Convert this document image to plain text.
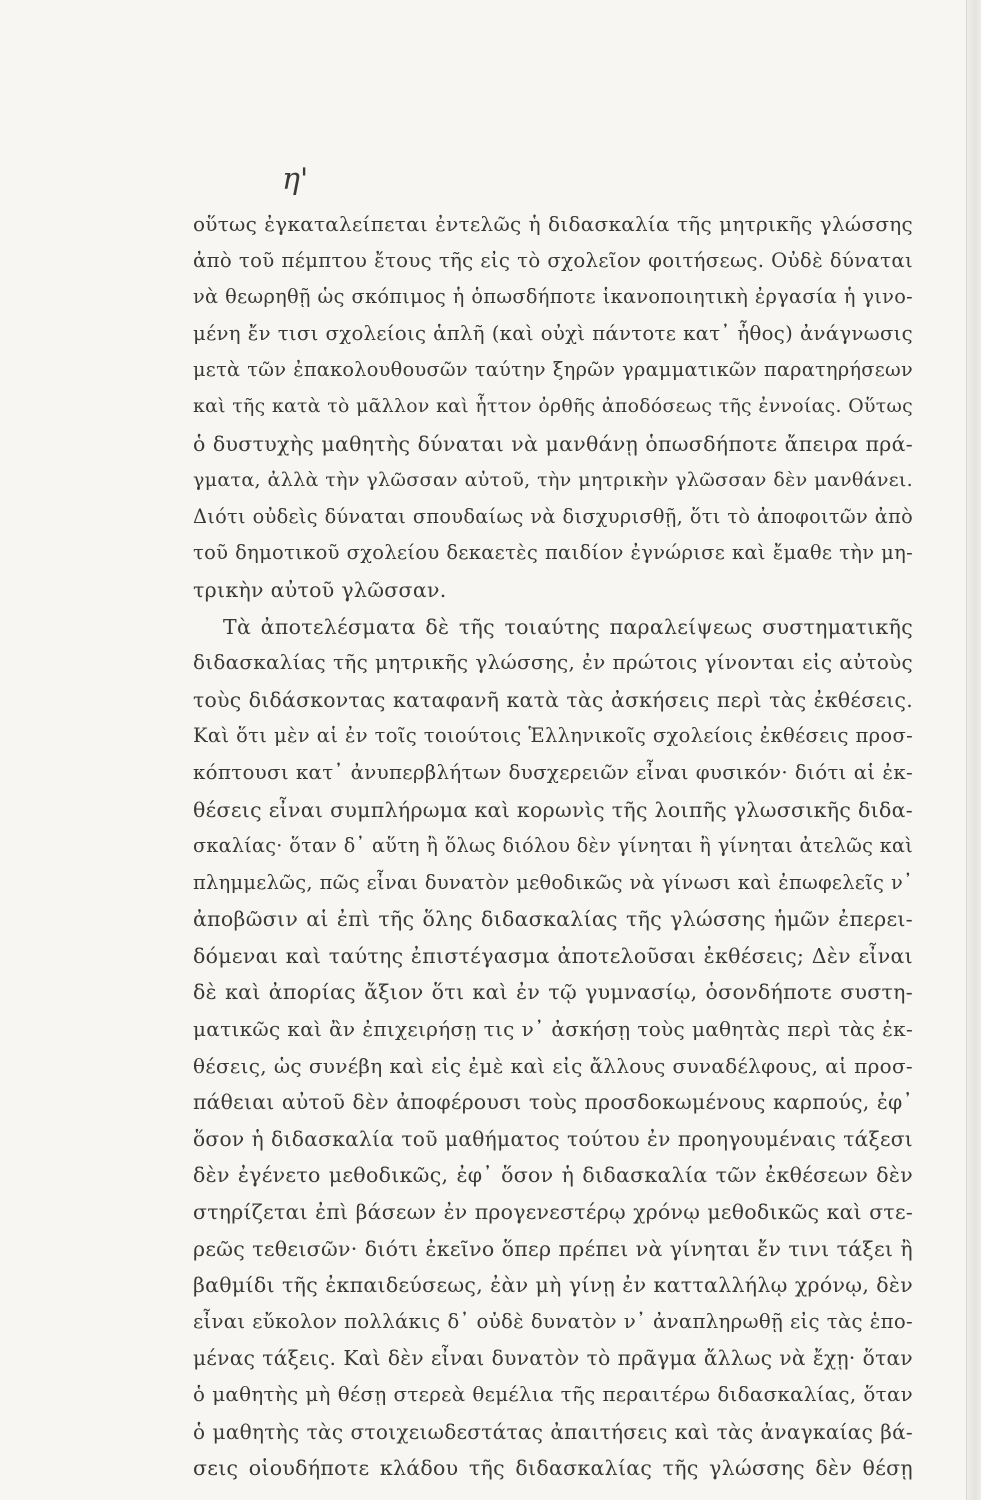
η'
οὕτως ἐγκαταλείπεται ἐντελῶς ἡ διδασκαλία τῆς μητρικῆς γλώσσης
ἀπὸ τοῦ πέμπτου ἔτους τῆς εἰς τὸ σχολεῖον φοιτήσεως. Οὐδὲ δύναται
νὰ θεωρηθῇ ὡς σκόπιμος ἡ ὁπωσδήποτε ἱκανοποιητικὴ ἐργασία ἡ γινο-
μένη ἔν τισι σχολείοις ἁπλῆ (καὶ οὐχὶ πάντοτε κατ᾽ ἦθος) ἀνάγνωσις
μετὰ τῶν ἐπακολουθουσῶν ταύτην ξηρῶν γραμματικῶν παρατηρήσεων
καὶ τῆς κατὰ τὸ μᾶλλον καὶ ἧττον ὀρθῆς ἀποδόσεως τῆς ἐννοίας. Οὕτως
ὁ δυστυχὴς μαθητὴς δύναται νὰ μανθάνῃ ὁπωσδήποτε ἄπειρα πρά-
γματα, ἀλλὰ τὴν γλῶσσαν αὐτοῦ, τὴν μητρικὴν γλῶσσαν δὲν μανθάνει.
Διότι οὐδεὶς δύναται σπουδαίως νὰ δισχυρισθῇ, ὅτι τὸ ἀποφοιτῶν ἀπὸ
τοῦ δημοτικοῦ σχολείου δεκαετὲς παιδίον ἐγνώρισε καὶ ἔμαθε τὴν μη-
τρικὴν αὐτοῦ γλῶσσαν.
Τὰ ἀποτελέσματα δὲ τῆς τοιαύτης παραλείψεως συστηματικῆς
διδασκαλίας τῆς μητρικῆς γλώσσης, ἐν πρώτοις γίνονται εἰς αὐτοὺς
τοὺς διδάσκοντας καταφανῆ κατὰ τὰς ἀσκήσεις περὶ τὰς ἐκθέσεις.
Καὶ ὅτι μὲν αἱ ἐν τοῖς τοιούτοις Ἑλληνικοῖς σχολείοις ἐκθέσεις προσ-
κόπτουσι κατ᾽ ἀνυπερβλήτων δυσχερειῶν εἶναι φυσικόν· διότι αἱ ἐκ-
θέσεις εἶναι συμπλήρωμα καὶ κορωνὶς τῆς λοιπῆς γλωσσικῆς διδα-
σκαλίας· ὅταν δ᾽ αὕτη ἢ ὅλως διόλου δὲν γίνηται ἢ γίνηται ἀτελῶς καὶ
πλημμελῶς, πῶς εἶναι δυνατὸν μεθοδικῶς νὰ γίνωσι καὶ ἐπωφελεῖς ν᾽
ἀποβῶσιν αἱ ἐπὶ τῆς ὅλης διδασκαλίας τῆς γλώσσης ἡμῶν ἐπερει-
δόμεναι καὶ ταύτης ἐπιστέγασμα ἀποτελοῦσαι ἐκθέσεις; Δὲν εἶναι
δὲ καὶ ἀπορίας ἄξιον ὅτι καὶ ἐν τῷ γυμνασίῳ, ὁσονδήποτε συστη-
ματικῶς καὶ ἂν ἐπιχειρήσῃ τις ν᾽ ἀσκήσῃ τοὺς μαθητὰς περὶ τὰς ἐκ-
θέσεις, ὡς συνέβη καὶ εἰς ἐμὲ καὶ εἰς ἄλλους συναδέλφους, αἱ προσ-
πάθειαι αὐτοῦ δὲν ἀποφέρουσι τοὺς προσδοκωμένους καρπούς, ἐφ᾽
ὅσον ἡ διδασκαλία τοῦ μαθήματος τούτου ἐν προηγουμέναις τάξεσι
δὲν ἐγένετο μεθοδικῶς, ἐφ᾽ ὅσον ἡ διδασκαλία τῶν ἐκθέσεων δὲν
στηρίζεται ἐπὶ βάσεων ἐν προγενεστέρῳ χρόνῳ μεθοδικῶς καὶ στε-
ρεῶς τεθεισῶν· διότι ἐκεῖνο ὅπερ πρέπει νὰ γίνηται ἔν τινι τάξει ἢ
βαθμίδι τῆς ἐκπαιδεύσεως, ἐὰν μὴ γίνῃ ἐν κατταλλήλῳ χρόνῳ, δὲν
εἶναι εὔκολον πολλάκις δ᾽ οὐδὲ δυνατὸν ν᾽ ἀναπληρωθῇ εἰς τὰς ἑπο-
μένας τάξεις. Καὶ δὲν εἶναι δυνατὸν τὸ πρᾶγμα ἄλλως νὰ ἔχῃ· ὅταν
ὁ μαθητὴς μὴ θέσῃ στερεὰ θεμέλια τῆς περαιτέρω διδασκαλίας, ὅταν
ὁ μαθητὴς τὰς στοιχειωδεστάτας ἀπαιτήσεις καὶ τὰς ἀναγκαίας βά-
σεις οἱουδήποτε κλάδου τῆς διδασκαλίας τῆς γλώσσης δὲν θέσῃ
